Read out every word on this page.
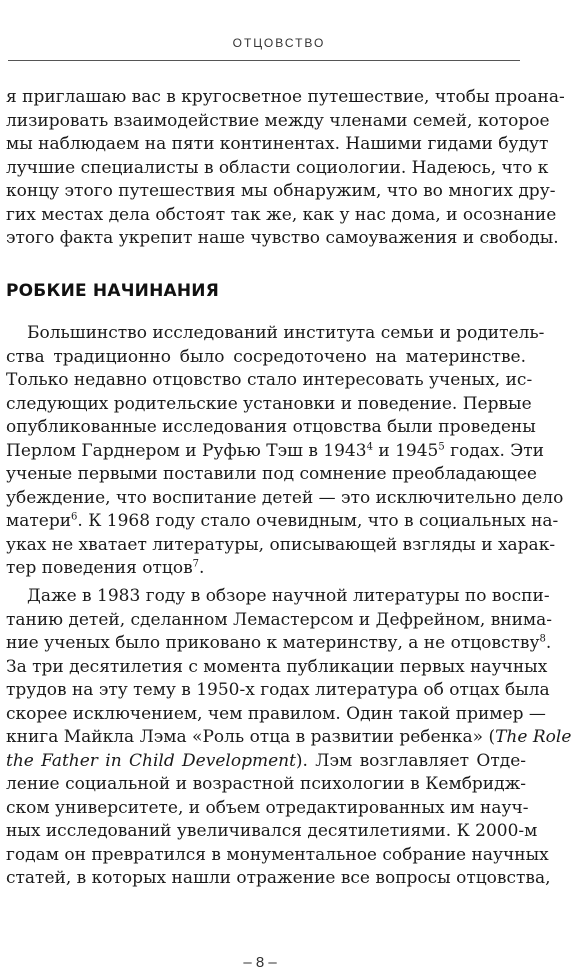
ОТЦОВСТВО
я приглашаю вас в кругосветное путешествие, чтобы проана-
лизировать взаимодействие между членами семей, которое
мы наблюдаем на пяти континентах. Нашими гидами будут
лучшие специалисты в области социологии. Надеюсь, что к
концу этого путешествия мы обнаружим, что во многих дру-
гих местах дела обстоят так же, как у нас дома, и осознание
этого факта укрепит наше чувство самоуважения и свободы.
РОБКИЕ НАЧИНАНИЯ
Большинство исследований института семьи и родитель-
ства традиционно было сосредоточено на материнстве.
Только недавно отцовство стало интересовать ученых, ис-
следующих родительские установки и поведение. Первые
опубликованные исследования отцовства были проведены
Перлом Гарднером и Руфью Тэш в 1943$^4$ и 1945$^5$ годах. Эти
ученые первыми поставили под сомнение преобладающее
убеждение, что воспитание детей — это исключительно дело
матери$^6$. К 1968 году стало очевидным, что в социальных на-
уках не хватает литературы, описывающей взгляды и харак-
тер поведения отцов$^7$.
Даже в 1983 году в обзоре научной литературы по воспи-
танию детей, сделанном Лемастерсом и Дефрейном, внима-
ние ученых было приковано к материнству, а не отцовству$^8$.
За три десятилетия с момента публикации первых научных
трудов на эту тему в 1950-х годах литература об отцах была
скорее исключением, чем правилом. Один такой пример —
книга Майкла Лэма «Роль отца в развитии ребенка» (The Role
the Father in Child Development). Лэм возглавляет Отде-
ление социальной и возрастной психологии в Кембридж-
ском университете, и объем отредактированных им науч-
ных исследований увеличивался десятилетиями. К 2000-м
годам он превратился в монументальное собрание научных
статей, в которых нашли отражение все вопросы отцовства,
– 8 –
